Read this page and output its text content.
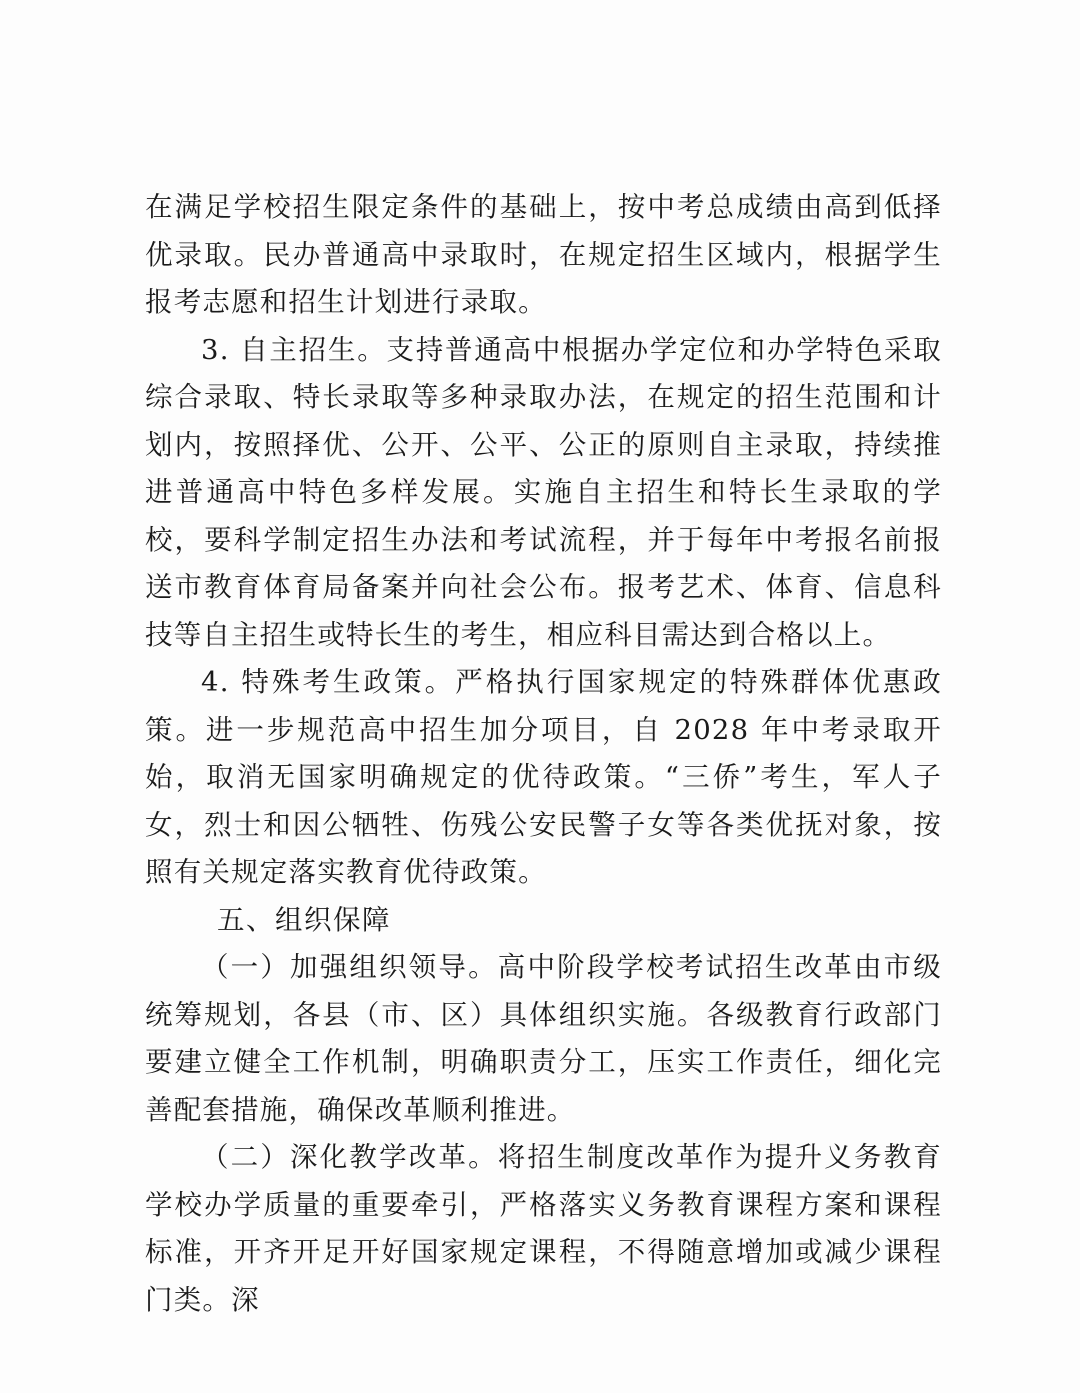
在满足学校招生限定条件的基础上，按中考总成绩由高到低择优录取。民办普通高中录取时，在规定招生区域内，根据学生报考志愿和招生计划进行录取。

3. 自主招生。支持普通高中根据办学定位和办学特色采取综合录取、特长录取等多种录取办法，在规定的招生范围和计划内，按照择优、公开、公平、公正的原则自主录取，持续推进普通高中特色多样发展。实施自主招生和特长生录取的学校，要科学制定招生办法和考试流程，并于每年中考报名前报送市教育体育局备案并向社会公布。报考艺术、体育、信息科技等自主招生或特长生的考生，相应科目需达到合格以上。

4. 特殊考生政策。严格执行国家规定的特殊群体优惠政策。进一步规范高中招生加分项目，自 2028 年中考录取开始，取消无国家明确规定的优待政策。“三侨”考生，军人子女，烈士和因公牺牲、伤残公安民警子女等各类优抚对象，按照有关规定落实教育优待政策。

五、组织保障

（一）加强组织领导。高中阶段学校考试招生改革由市级统筹规划，各县（市、区）具体组织实施。各级教育行政部门要建立健全工作机制，明确职责分工，压实工作责任，细化完善配套措施，确保改革顺利推进。

（二）深化教学改革。将招生制度改革作为提升义务教育学校办学质量的重要牵引，严格落实义务教育课程方案和课程标准，开齐开足开好国家规定课程，不得随意增加或减少课程门类。深
